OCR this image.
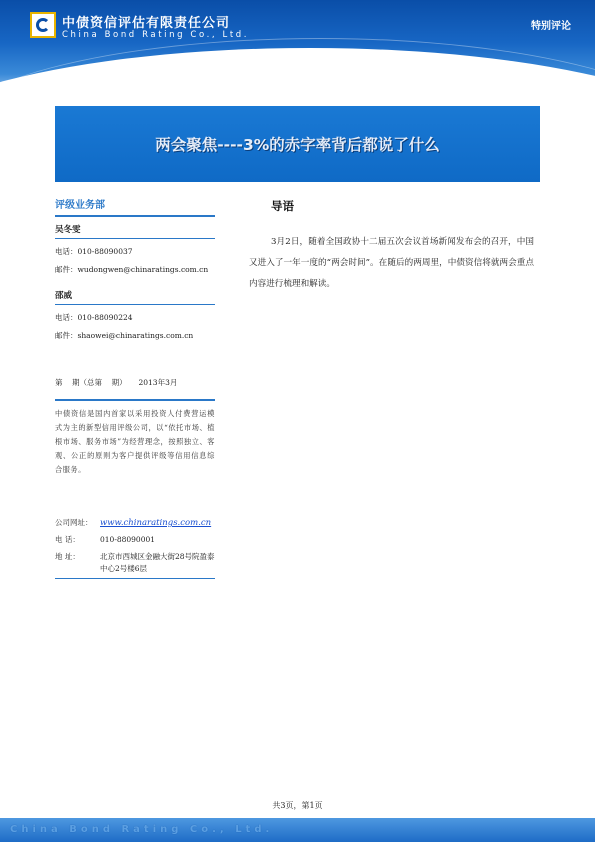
中债资信评估有限责任公司
China Bond Rating Co., Ltd.
特别评论
两会聚焦----3%的赤字率背后都说了什么
评级业务部
吴冬雯
电话：010-88090037
邮件：wudongwen@chinaratings.com.cn
邵威
电话：010-88090224
邮件：shaowei@chinaratings.com.cn
第    期（总第    期）     2013年3月
中债资信是国内首家以采用投资人付费营运模式为主的新型信用评级公司，以“依托市场、植根市场、服务市场”为经营理念，按照独立、客观、公正的原则为客户提供评级等信用信息综合服务。
公司网址： www.chinaratings.com.cn
电 话：	010-88090001
地 址：	北京市西城区金融大街28号院盈泰中心2号楼6层
导语
3月2日，随着全国政协十二届五次会议首场新闻发布会的召开，中国又进入了一年一度的“两会时间”。在随后的两周里，中债资信将就两会重点内容进行梳理和解读。
共3页，第1页
China Bond Rating Co., Ltd.
